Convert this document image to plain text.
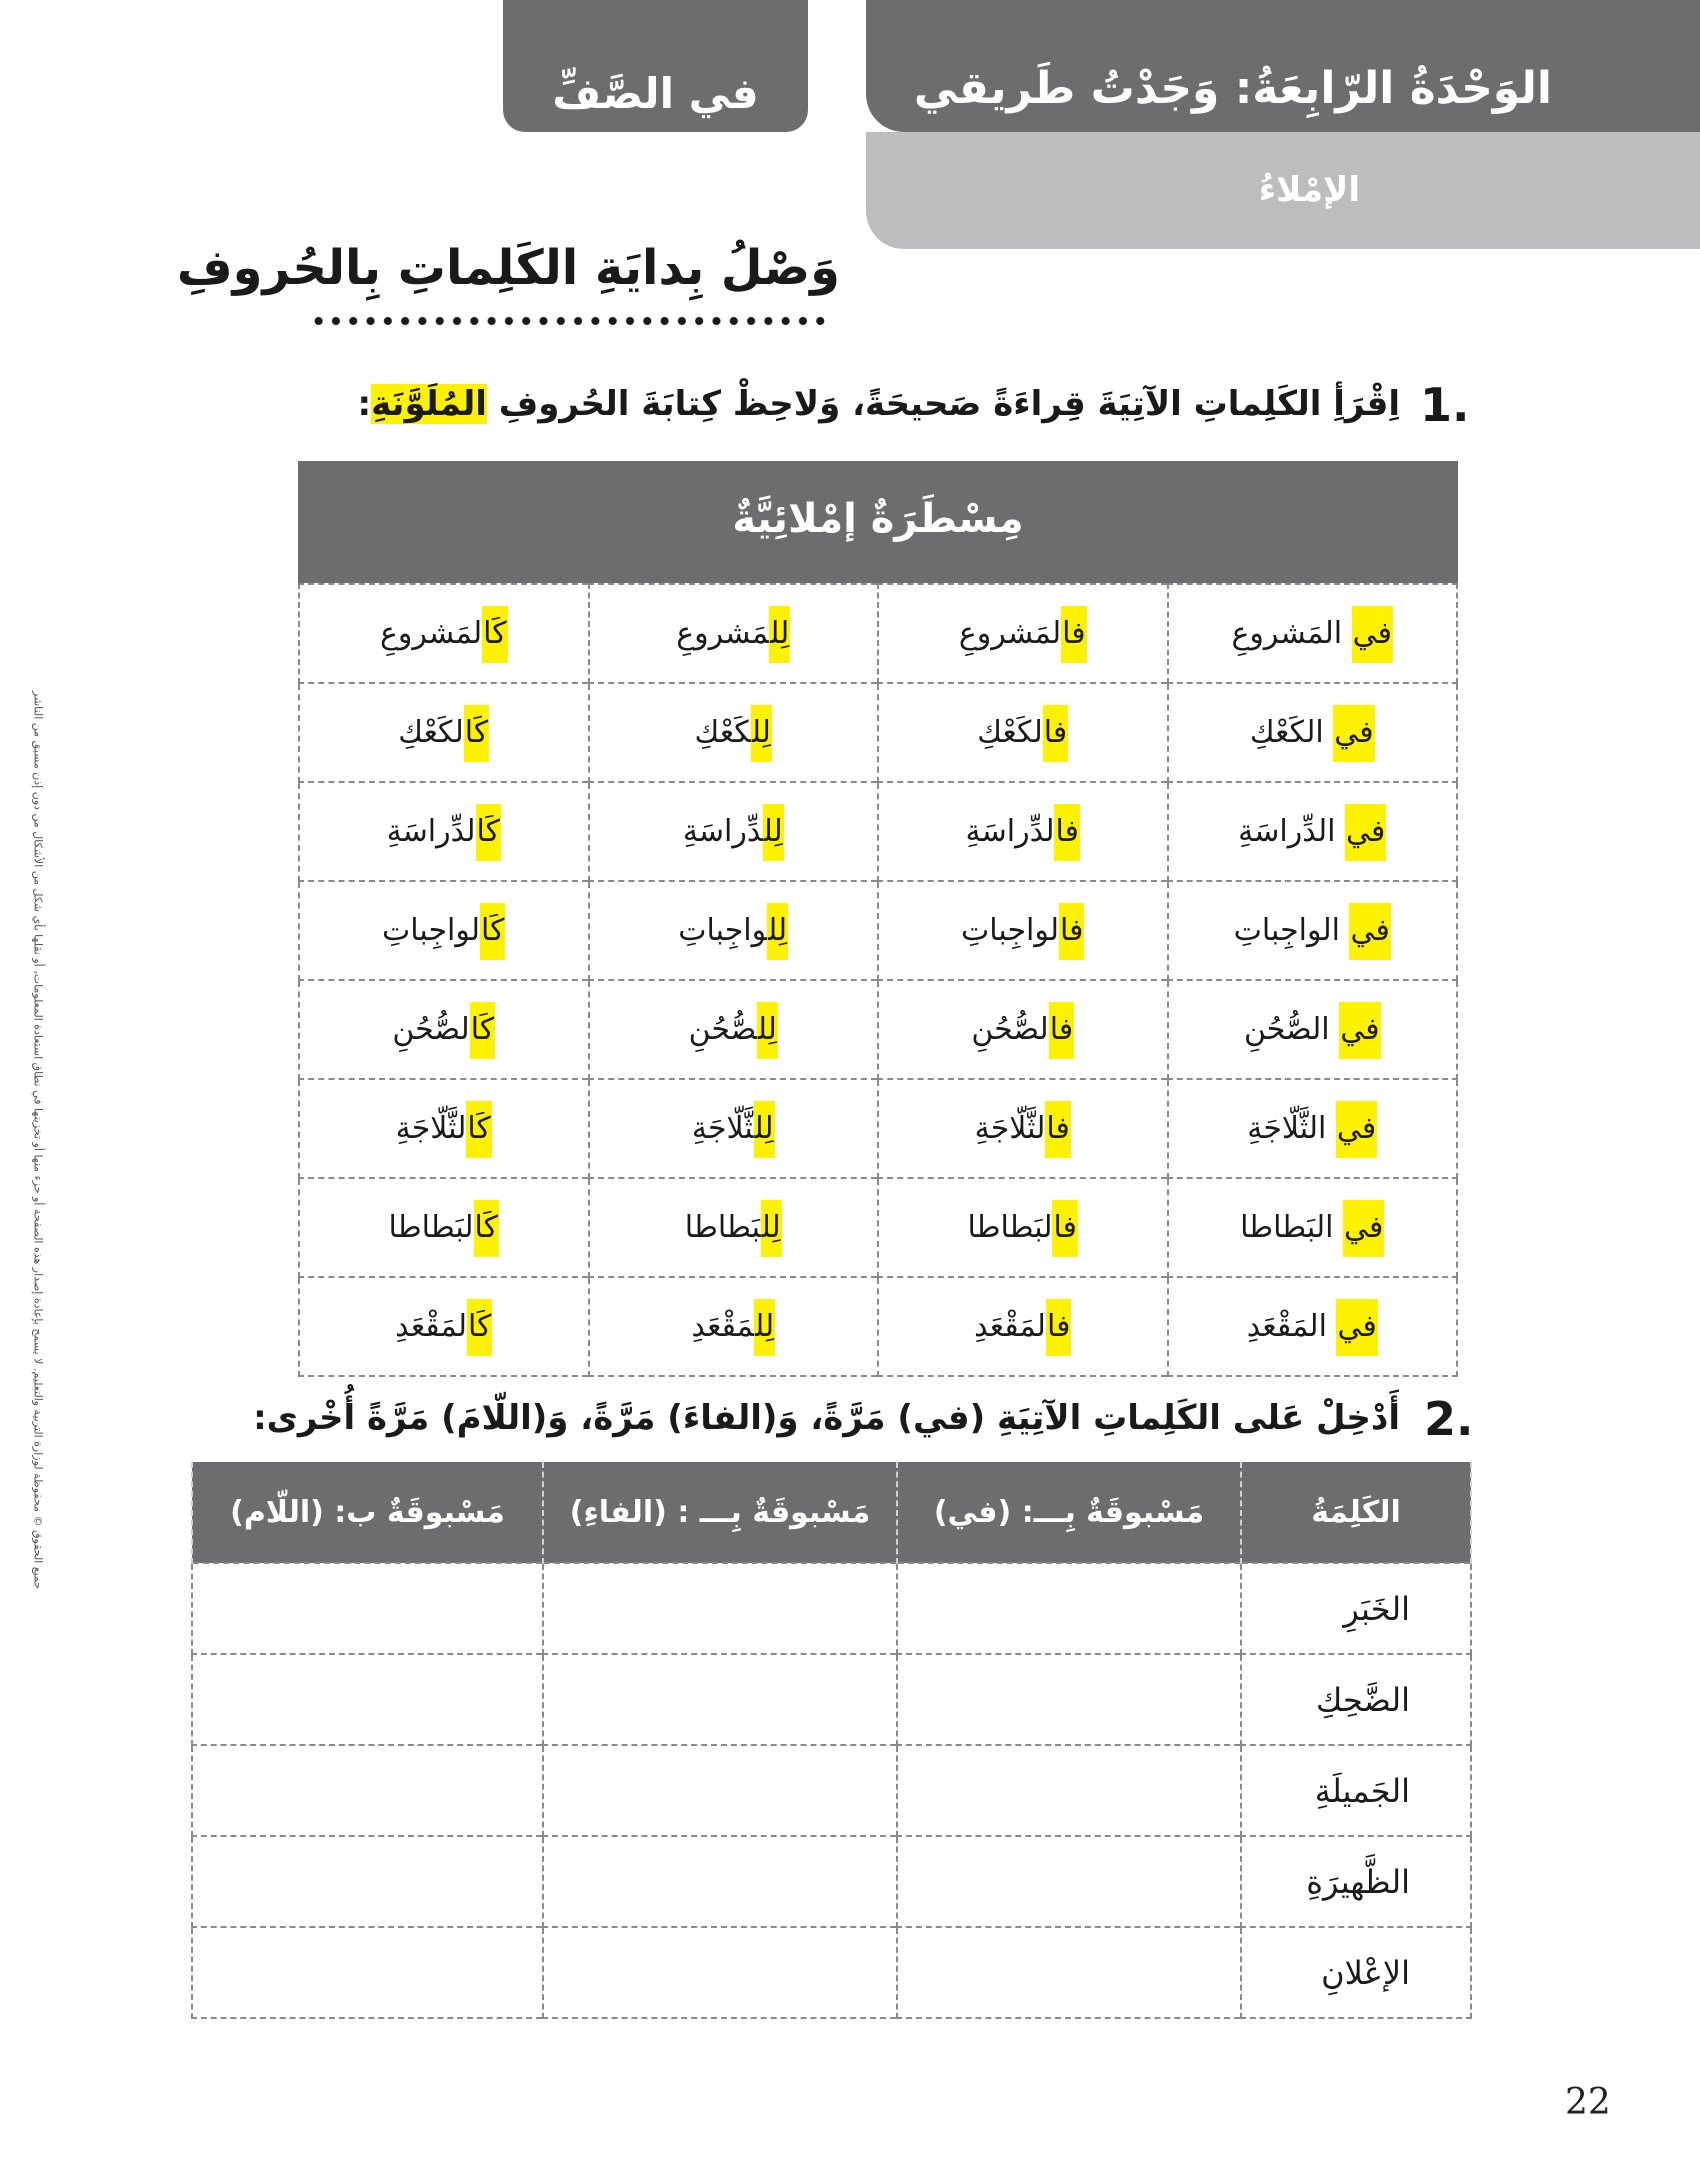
في الصَّفِّ	الوَحْدَةُ الرّابِعَةُ: وَجَدْتُ طَريقي
الإمْلاءُ
وَصْلُ بِدايَةِ الكَلِماتِ بِالحُروفِ
1.
اِقْرَأِ الكَلِماتِ الآتِيَةَ قِراءَةً صَحيحَةً، وَلاحِظْ كِتابَةَ الحُروفِ المُلَوَّنَةِ:
مِسْطَرَةٌ إمْلائِيَّةٌ
في المَشروعِ	فالمَشروعِ	لِلمَشروعِ	كَالمَشروعِ
في الكَعْكِ	فالكَعْكِ	لِلكَعْكِ	كَالكَعْكِ
في الدِّراسَةِ	فالدِّراسَةِ	لِلدِّراسَةِ	كَالدِّراسَةِ
في الواجِباتِ	فالواجِباتِ	لِلواجِباتِ	كَالواجِباتِ
في الصُّحُنِ	فالصُّحُنِ	لِلصُّحُنِ	كَالصُّحُنِ
في الثَّلّاجَةِ	فالثَّلّاجَةِ	لِلثَّلّاجَةِ	كَالثَّلّاجَةِ
في البَطاطا	فالبَطاطا	لِلبَطاطا	كَالبَطاطا
في المَقْعَدِ	فالمَقْعَدِ	لِلمَقْعَدِ	كَالمَقْعَدِ
2.
أَدْخِلْ عَلى الكَلِماتِ الآتِيَةِ (في) مَرَّةً، وَ(الفاءَ) مَرَّةً، وَ(اللّامَ) مَرَّةً أُخْرى:
الكَلِمَةُ	مَسْبوقَةٌ بِـــ: (في)	مَسْبوقَةٌ بِـــ : (الفاءِ)	مَسْبوقَةٌ ب: (اللّام)
الخَبَرِ			
الضَّحِكِ			
الجَميلَةِ			
الظَّهيرَةِ			
الإعْلانِ			
جميع الحقوق © محفوظة لوزارة التربية والتعليم. لا يسمح بإعادة إصدار هذه الصفحة أو جزء منها أو تخزينها في نطاق استعادة المعلومات، أو نقلها بأي شكل من الأشكال من دون إذن مسبق من الناشر
22
